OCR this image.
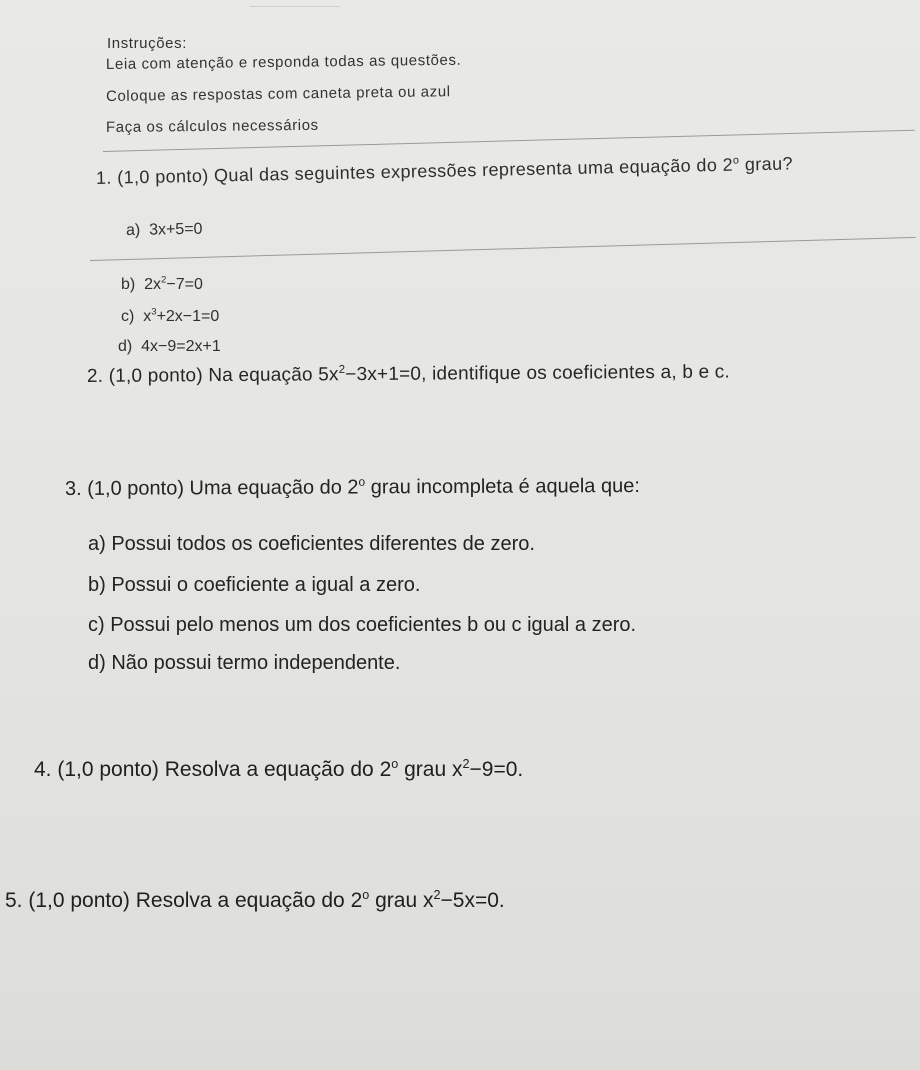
Instruções:
Leia com atenção e responda todas as questões.
Coloque as respostas com caneta preta ou azul
Faça os cálculos necessários
1. (1,0 ponto) Qual das seguintes expressões representa uma equação do 2$^o$ grau?
a) 3x+5=0
b) $2x^2-7=0$
c) $x^3+2x-1=0$
d) 4x−9=2x+1
2. (1,0 ponto) Na equação $5x^2-3x+1=0$, identifique os coeficientes a, b e c.
3. (1,0 ponto) Uma equação do 2$^o$ grau incompleta é aquela que:
a) Possui todos os coeficientes diferentes de zero.
b) Possui o coeficiente a igual a zero.
c) Possui pelo menos um dos coeficientes b ou c igual a zero.
d) Não possui termo independente.
4. (1,0 ponto) Resolva a equação do 2$^o$ grau $x^2-9=0$.
5. (1,0 ponto) Resolva a equação do 2$^o$ grau $x^2-5x=0$.
